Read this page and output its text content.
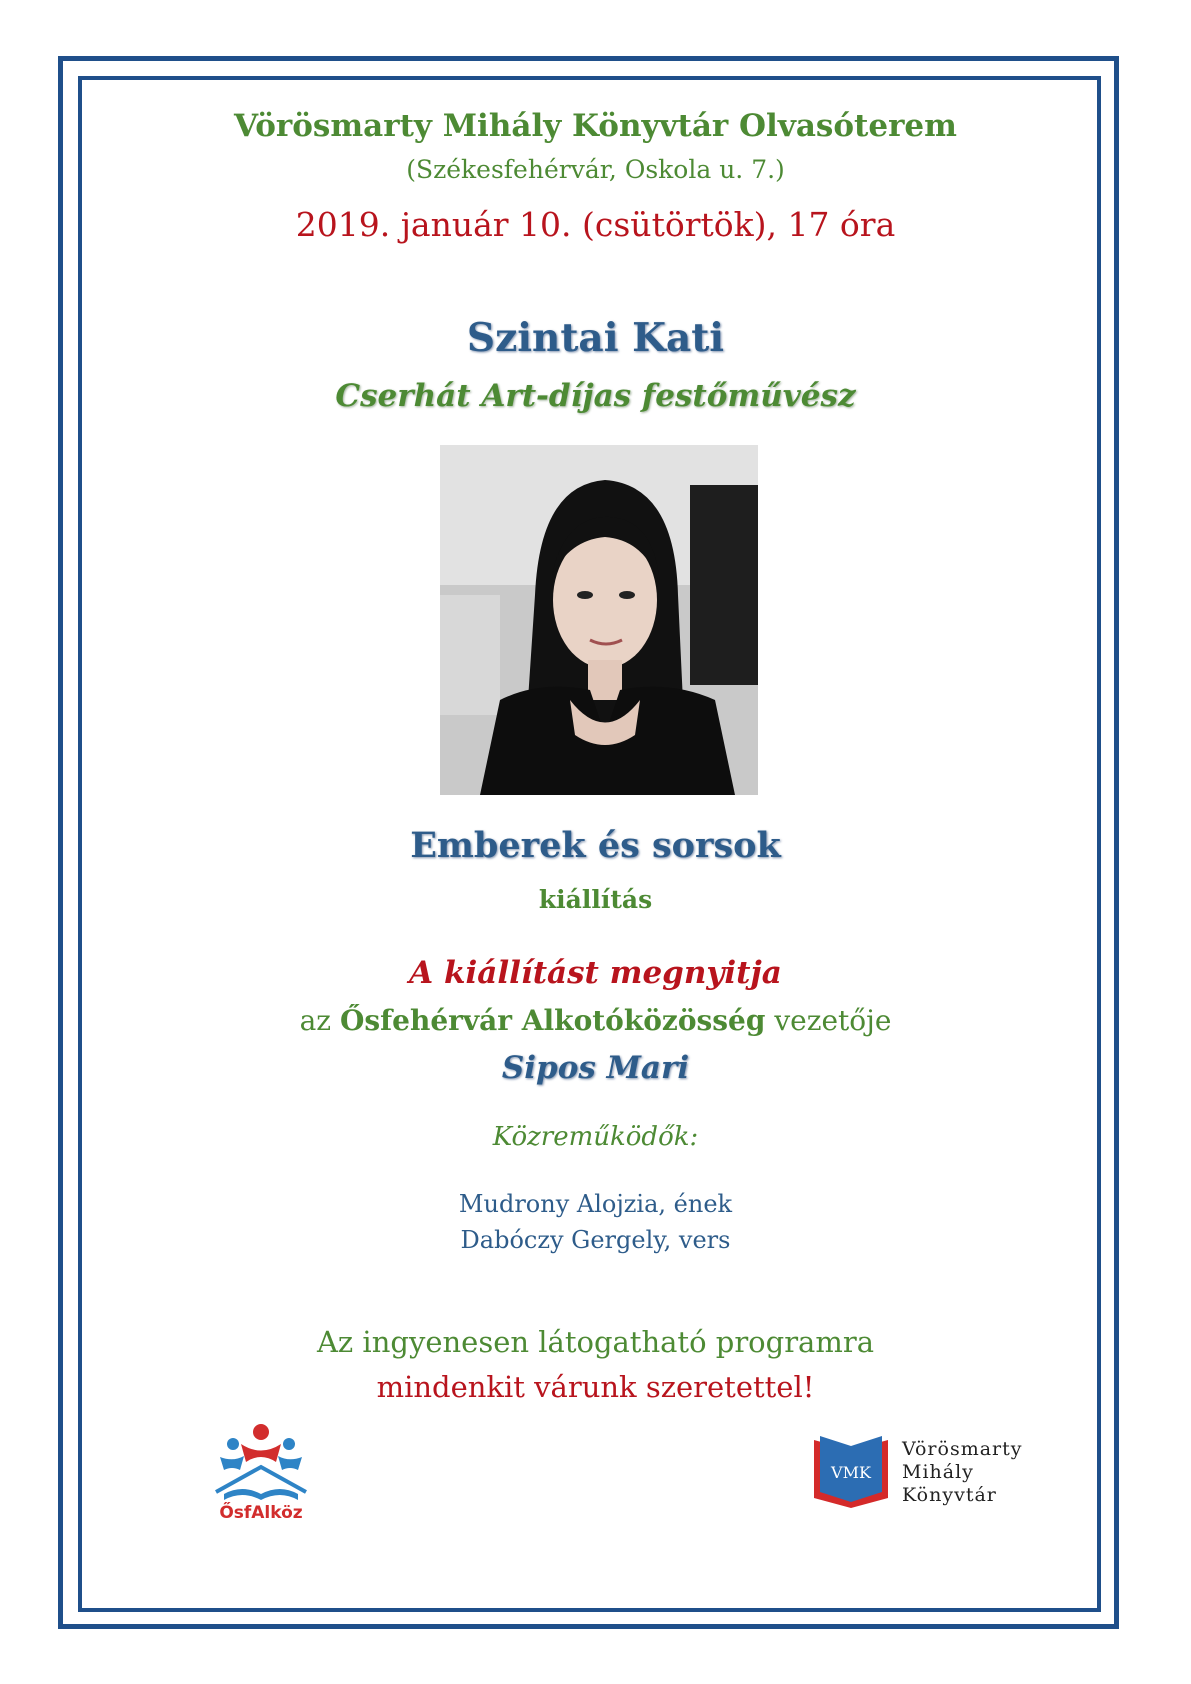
Vörösmarty Mihály Könyvtár Olvasóterem
(Székesfehérvár, Oskola u. 7.)
2019. január 10. (csütörtök), 17 óra
Szintai Kati
Cserhát Art-díjas festőművész
Emberek és sorsok
kiállítás
A kiállítást megnyitja
az Ősfehérvár Alkotóközösség vezetője
Sipos Mari
Közreműködők:
Mudrony Alojzia, ének
Dabóczy Gergely, vers
Az ingyenesen látogatható programra
mindenkit várunk szeretettel!
ŐsfAlköz
VMK
Vörösmarty
Mihály
Könyvtár
